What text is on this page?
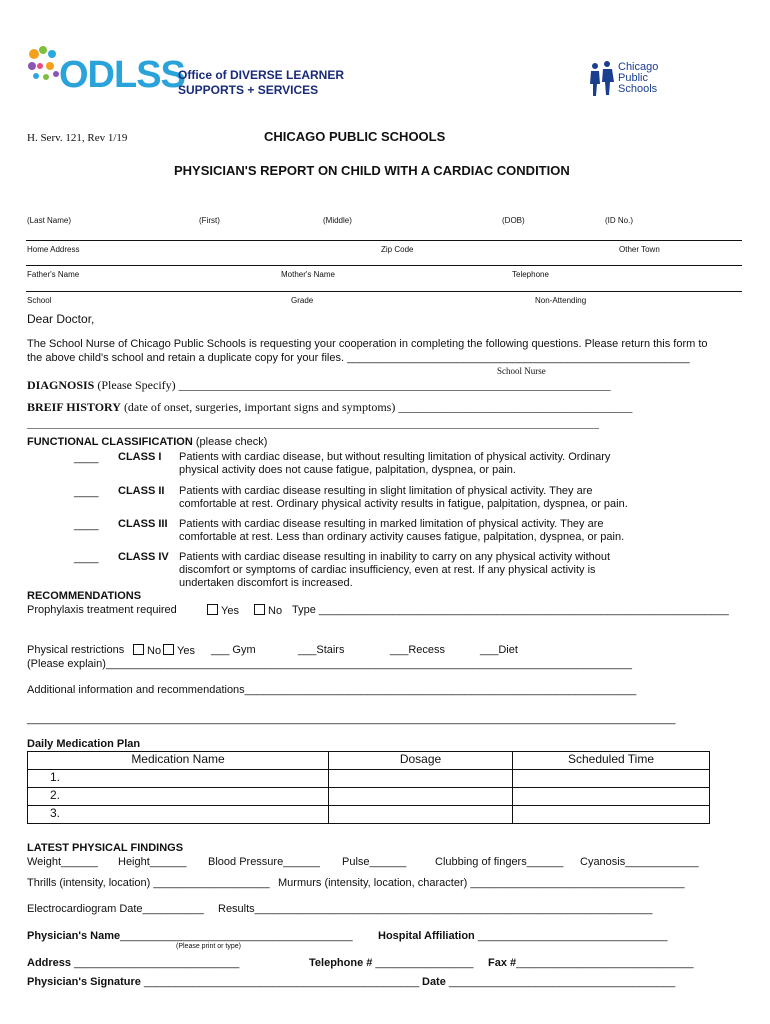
ODLSS
Office of DIVERSE LEARNER
SUPPORTS + SERVICES
Chicago
Public
Schools
H. Serv. 121, Rev 1/19	CHICAGO PUBLIC SCHOOLS
PHYSICIAN'S REPORT ON CHILD WITH A CARDIAC CONDITION
(Last Name)	(First)	(Middle)	(DOB)	(ID No.)
Home Address	Zip Code	Other Town
Father's Name	Mother's Name	Telephone
School	Grade	Non-Attending
Dear Doctor,
The School Nurse of Chicago Public Schools is requesting your cooperation in completing the following questions. Please return this form to
the above child's school and retain a duplicate copy for your files. ________________________________________________________
School Nurse
DIAGNOSIS (Please Specify) ________________________________________________________________________
BREIF HISTORY (date of onset, surgeries, important signs and symptoms) _______________________________________
________________________________________________________________________________________________________
FUNCTIONAL CLASSIFICATION (please check)
____ CLASS I Patients with cardiac disease, but without resulting limitation of physical activity. Ordinary physical activity does not cause fatigue, palpitation, dyspnea, or pain.
____ CLASS II Patients with cardiac disease resulting in slight limitation of physical activity. They are comfortable at rest. Ordinary physical activity results in fatigue, palpitation, dyspnea, or pain.
____ CLASS III Patients with cardiac disease resulting in marked limitation of physical activity. They are comfortable at rest. Less than ordinary activity causes fatigue, palpitation, dyspnea, or pain.
____ CLASS IV Patients with cardiac disease resulting in inability to carry on any physical activity without discomfort or symptoms of cardiac insufficiency, even at rest. If any physical activity is undertaken discomfort is increased.
RECOMMENDATIONS
Prophylaxis treatment required	Yes	No Type ___________________________________________________________________
Physical restrictions	No	Yes ___ Gym	___Stairs	___Recess	___Diet
(Please explain)______________________________________________________________________________________
Additional information and recommendations________________________________________________________________
__________________________________________________________________________________________________________
Daily Medication Plan
Medication Name	Dosage	Scheduled Time
1.		
2.		
3.		
LATEST PHYSICAL FINDINGS
Weight______ Height______ Blood Pressure______ Pulse______	Clubbing of fingers______ Cyanosis____________
Thrills (intensity, location) ___________________ Murmurs (intensity, location, character) ___________________________________
Electrocardiogram Date__________ Results_________________________________________________________________
Physician's Name______________________________________
(Please print or type)
Hospital Affiliation _______________________________
Address ___________________________	Telephone # ________________ Fax #_____________________________
Physician's Signature _____________________________________________ Date _____________________________________
